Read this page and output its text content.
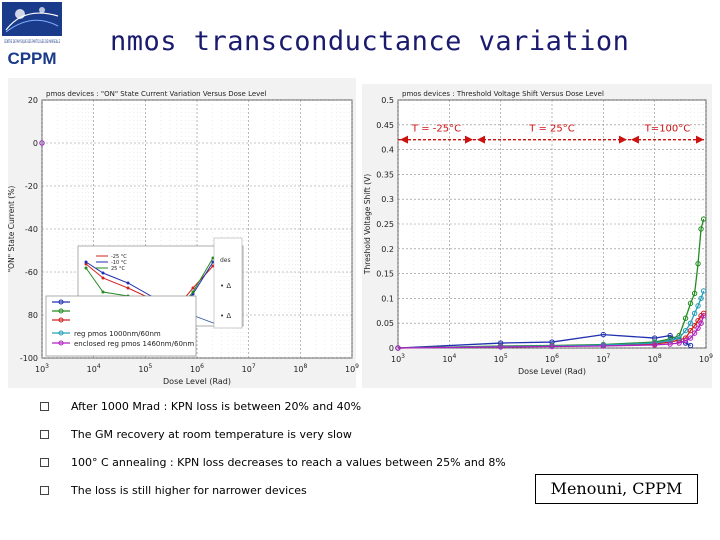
CENTRE DE PHYSIQUE DES PARTICULES DE MARSEILLE
CPPM
nmos transconductance variation
$10^3$	$10^4$	$10^5$	$10^6$	$10^7$	$10^8$	$10^9$
20
0
-20
-40
-60
80
-100
pmos devices : "ON" State Current Variation Versus Dose Level
Dose Level (Rad)
"ON" State Current (%)	-25 °C
-10 °C
25 °C
des
• Δ
• Δ
reg pmos 1000nm/60nm
enclosed reg pmos 1460nm/60nm
$10^3$	$10^4$	$10^5$	$10^6$	$10^7$	$10^8$	$10^9$
0
0.05
0.1
0.15
0.2
0.25
0.3
0.35
0.4
0.45
0.5
pmos devices : Threshold Voltage Shift Versus Dose Level
Dose Level (Rad)
Threshold Voltage Shift (V)
T = -25°C	T = 25°C	T=100°C
After 1000 Mrad : KPN loss is between 20% and 40%
The GM recovery at room temperature is very slow
100° C annealing : KPN loss decreases to reach a values between 25% and 8%
The loss is still higher for narrower devices	Menouni, CPPM
